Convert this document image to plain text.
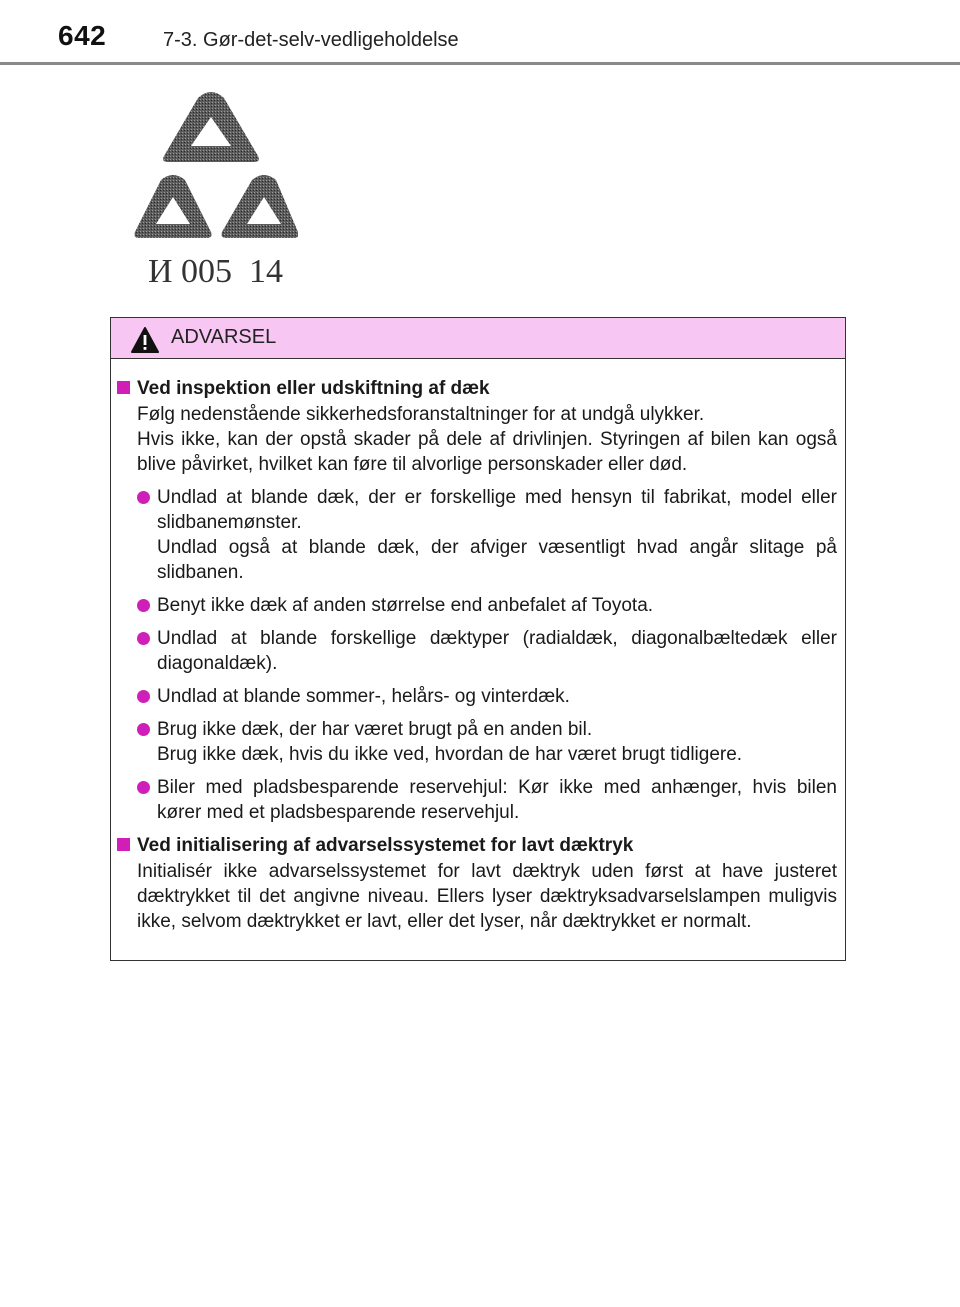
642	7-3. Gør-det-selv-vedligeholdelse
И 005  14
ADVARSEL
Ved inspektion eller udskiftning af dæk
Følg nedenstående sikkerhedsforanstaltninger for at undgå ulykker.
Hvis ikke, kan der opstå skader på dele af drivlinjen. Styringen af bilen kan også blive påvirket, hvilket kan føre til alvorlige personskader eller død.
Undlad at blande dæk, der er forskellige med hensyn til fabrikat, model eller slidbanemønster.
Undlad også at blande dæk, der afviger væsentligt hvad angår slitage på slidbanen.
Benyt ikke dæk af anden størrelse end anbefalet af Toyota.
Undlad at blande forskellige dæktyper (radialdæk, diagonalbæltedæk eller diagonaldæk).
Undlad at blande sommer-, helårs- og vinterdæk.
Brug ikke dæk, der har været brugt på en anden bil.
Brug ikke dæk, hvis du ikke ved, hvordan de har været brugt tidligere.
Biler med pladsbesparende reservehjul: Kør ikke med anhænger, hvis bilen kører med et pladsbesparende reservehjul.
Ved initialisering af advarselssystemet for lavt dæktryk
Initialisér ikke advarselssystemet for lavt dæktryk uden først at have justeret dæktrykket til det angivne niveau. Ellers lyser dæktryksadvarselslampen muligvis ikke, selvom dæktrykket er lavt, eller det lyser, når dæktrykket er normalt.
